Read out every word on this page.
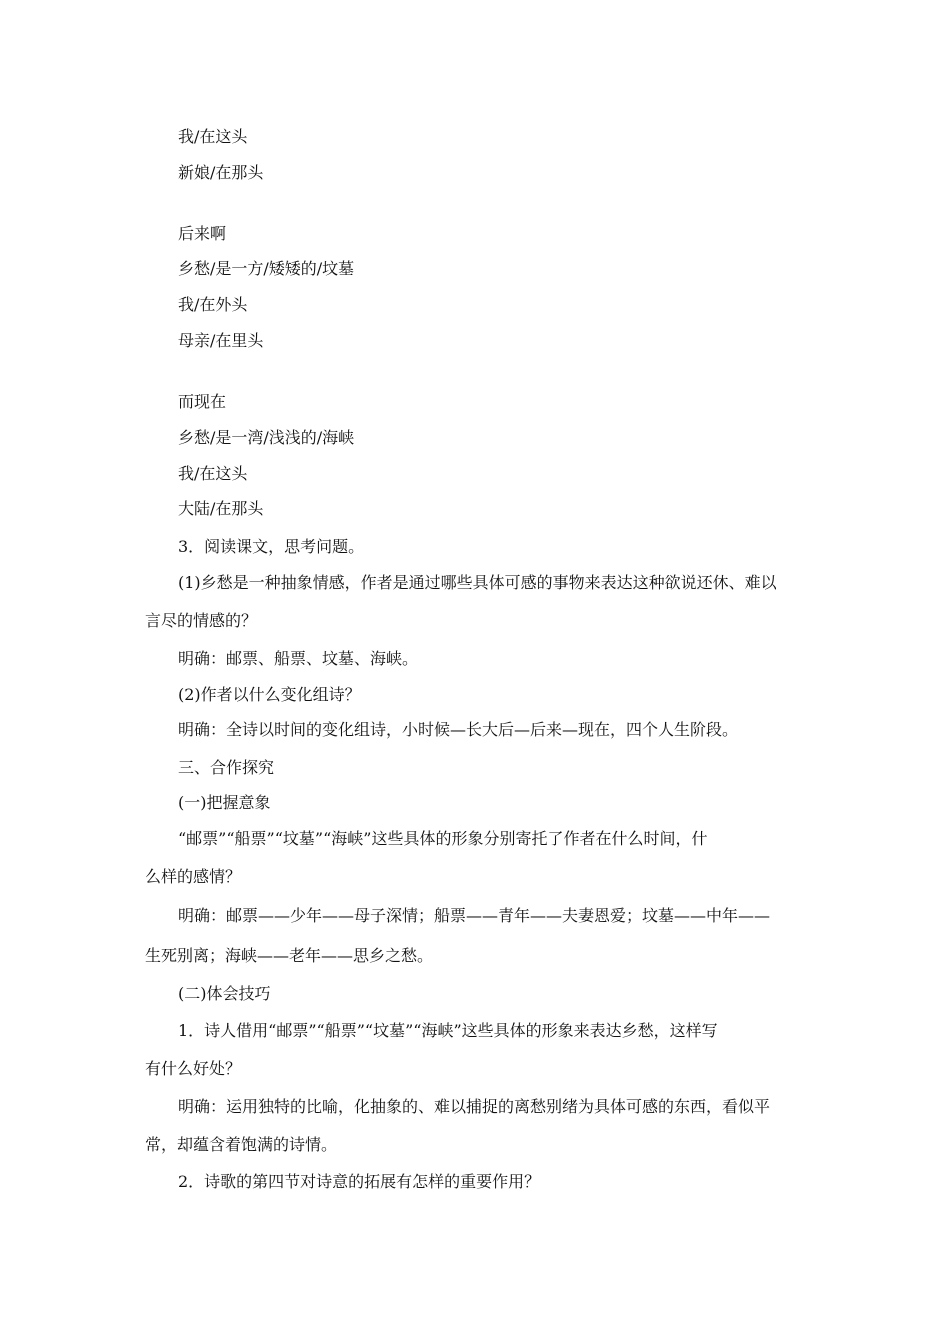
我/在这头
新娘/在那头
后来啊
乡愁/是一方/矮矮的/坟墓
我/在外头
母亲/在里头
而现在
乡愁/是一湾/浅浅的/海峡
我/在这头
大陆/在那头
3．阅读课文，思考问题。
(1)乡愁是一种抽象情感，作者是通过哪些具体可感的事物来表达这种欲说还休、难以
言尽的情感的？
明确：邮票、船票、坟墓、海峡。
(2)作者以什么变化组诗？
明确：全诗以时间的变化组诗，小时候—长大后—后来—现在，四个人生阶段。
三、合作探究
(一)把握意象
“邮票”“船票”“坟墓”“海峡”这些具体的形象分别寄托了作者在什么时间，什
么样的感情？
明确：邮票——少年——母子深情；船票——青年——夫妻恩爱；坟墓——中年——
生死别离；海峡——老年——思乡之愁。
(二)体会技巧
1．诗人借用“邮票”“船票”“坟墓”“海峡”这些具体的形象来表达乡愁，这样写
有什么好处？
明确：运用独特的比喻，化抽象的、难以捕捉的离愁别绪为具体可感的东西，看似平
常，却蕴含着饱满的诗情。
2．诗歌的第四节对诗意的拓展有怎样的重要作用？
